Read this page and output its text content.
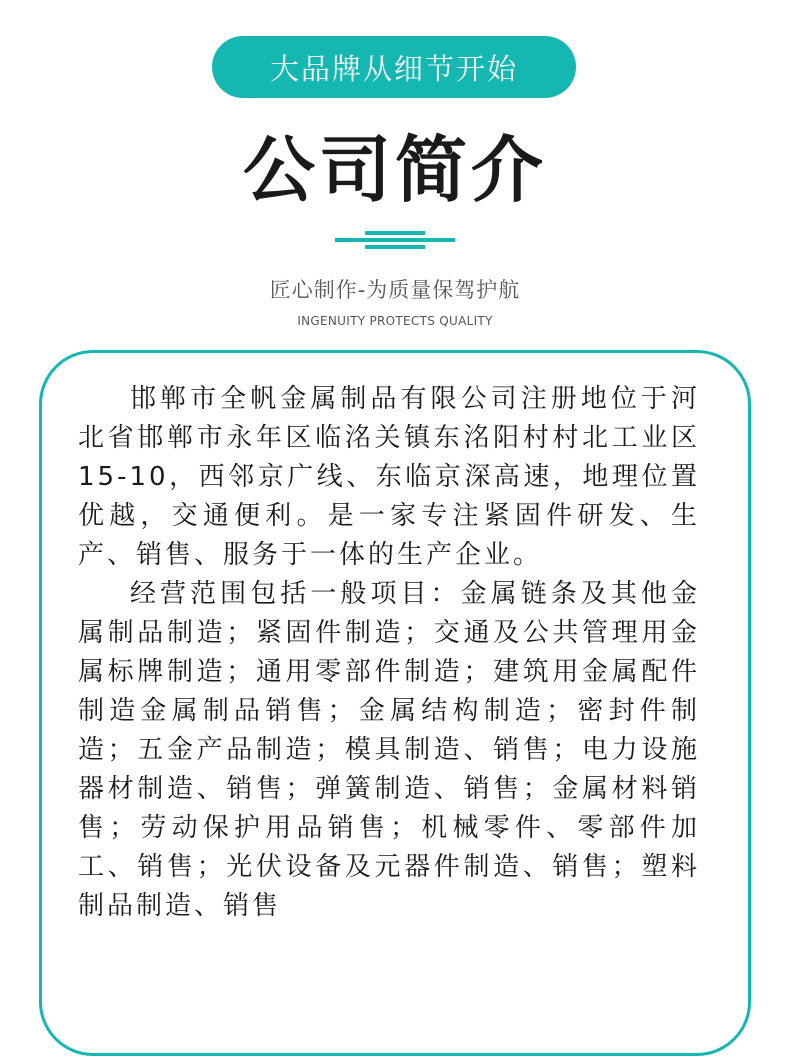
大品牌从细节开始
公司简介
匠心制作-为质量保驾护航
INGENUITY PROTECTS QUALITY

邯郸市全帆金属制品有限公司注册地位于河北省邯郸市永年区临洺关镇东洺阳村村北工业区15-10，西邻京广线、东临京深高速，地理位置优越，交通便利。是一家专注紧固件研发、生产、销售、服务于一体的生产企业。

经营范围包括一般项目：金属链条及其他金属制品制造；紧固件制造；交通及公共管理用金属标牌制造；通用零部件制造；建筑用金属配件制造金属制品销售；金属结构制造；密封件制造；五金产品制造；模具制造、销售；电力设施器材制造、销售；弹簧制造、销售；金属材料销售；劳动保护用品销售；机械零件、零部件加工、销售；光伏设备及元器件制造、销售；塑料制品制造、销售
